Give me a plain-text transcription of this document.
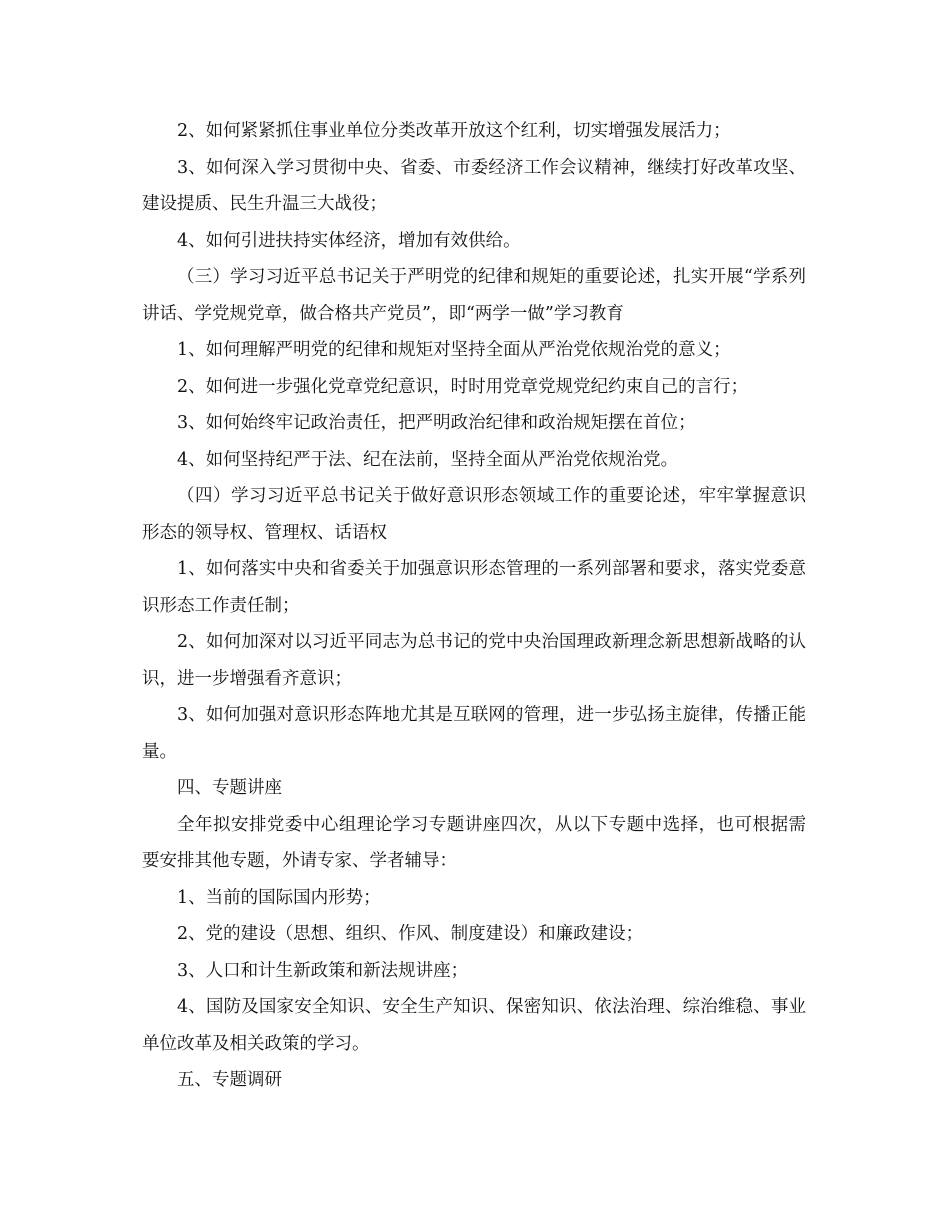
2、如何紧紧抓住事业单位分类改革开放这个红利，切实增强发展活力；

3、如何深入学习贯彻中央、省委、市委经济工作会议精神，继续打好改革攻坚、建设提质、民生升温三大战役；

4、如何引进扶持实体经济，增加有效供给。

（三）学习习近平总书记关于严明党的纪律和规矩的重要论述，扎实开展“学系列讲话、学党规党章，做合格共产党员”，即“两学一做”学习教育

1、如何理解严明党的纪律和规矩对坚持全面从严治党依规治党的意义；

2、如何进一步强化党章党纪意识，时时用党章党规党纪约束自己的言行；

3、如何始终牢记政治责任，把严明政治纪律和政治规矩摆在首位；

4、如何坚持纪严于法、纪在法前，坚持全面从严治党依规治党。

（四）学习习近平总书记关于做好意识形态领域工作的重要论述，牢牢掌握意识形态的领导权、管理权、话语权

1、如何落实中央和省委关于加强意识形态管理的一系列部署和要求，落实党委意识形态工作责任制；

2、如何加深对以习近平同志为总书记的党中央治国理政新理念新思想新战略的认识，进一步增强看齐意识；

3、如何加强对意识形态阵地尤其是互联网的管理，进一步弘扬主旋律，传播正能量。

四、专题讲座

全年拟安排党委中心组理论学习专题讲座四次，从以下专题中选择，也可根据需要安排其他专题，外请专家、学者辅导：

1、当前的国际国内形势；

2、党的建设（思想、组织、作风、制度建设）和廉政建设；

3、人口和计生新政策和新法规讲座；

4、国防及国家安全知识、安全生产知识、保密知识、依法治理、综治维稳、事业单位改革及相关政策的学习。

五、专题调研
